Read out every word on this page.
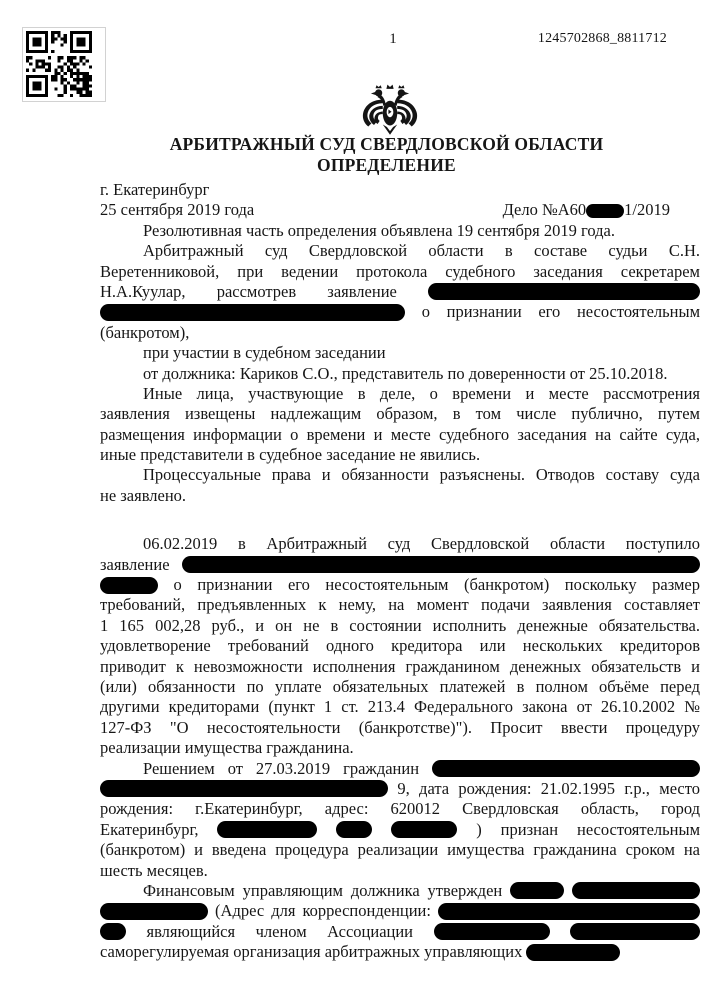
1	1245702868_8811712
АРБИТРАЖНЫЙ СУД СВЕРДЛОВСКОЙ ОБЛАСТИ
ОПРЕДЕЛЕНИЕ
г. Екатеринбург
25 сентября 2019 года	Дело №А60 1/2019
Резолютивная часть определения объявлена 19 сентября 2019 года.
Арбитражный суд Свердловской области в составе судьи С.Н.
Веретенниковой, при ведении протокола судебного заседания секретарем
Н.А.Куулар, рассмотрев заявление
о признании его несостоятельным
(банкротом),
при участии в судебном заседании
от должника: Кариков С.О., представитель по доверенности от 25.10.2018.
Иные лица, участвующие в деле, о времени и месте рассмотрения
заявления извещены надлежащим образом, в том числе публично, путем
размещения информации о времени и месте судебного заседания на сайте суда,
иные представители в судебное заседание не явились.
Процессуальные права и обязанности разъяснены. Отводов составу суда
не заявлено.
06.02.2019 в Арбитражный суд Свердловской области поступило
заявление
о признании его несостоятельным (банкротом) поскольку размер
требований, предъявленных к нему, на момент подачи заявления составляет
1 165 002,28 руб., и он не в состоянии исполнить денежные обязательства.
удовлетворение требований одного кредитора или нескольких кредиторов
приводит к невозможности исполнения гражданином денежных обязательств и
(или) обязанности по уплате обязательных платежей в полном объёме перед
другими кредиторами (пункт 1 ст. 213.4 Федерального закона от 26.10.2002 №
127-ФЗ "О несостоятельности (банкротстве)"). Просит ввести процедуру
реализации имущества гражданина.
Решением от 27.03.2019 гражданин
9, дата рождения: 21.02.1995 г.р., место
рождения: г.Екатеринбург, адрес: 620012 Свердловская область, город
Екатеринбург,	) признан несостоятельным
(банкротом) и введена процедура реализации имущества гражданина сроком на
шесть месяцев.
Финансовым управляющим должника утвержден
(Адрес для корреспонденции:
являющийся членом Ассоциации
саморегулируемая организация арбитражных управляющих
